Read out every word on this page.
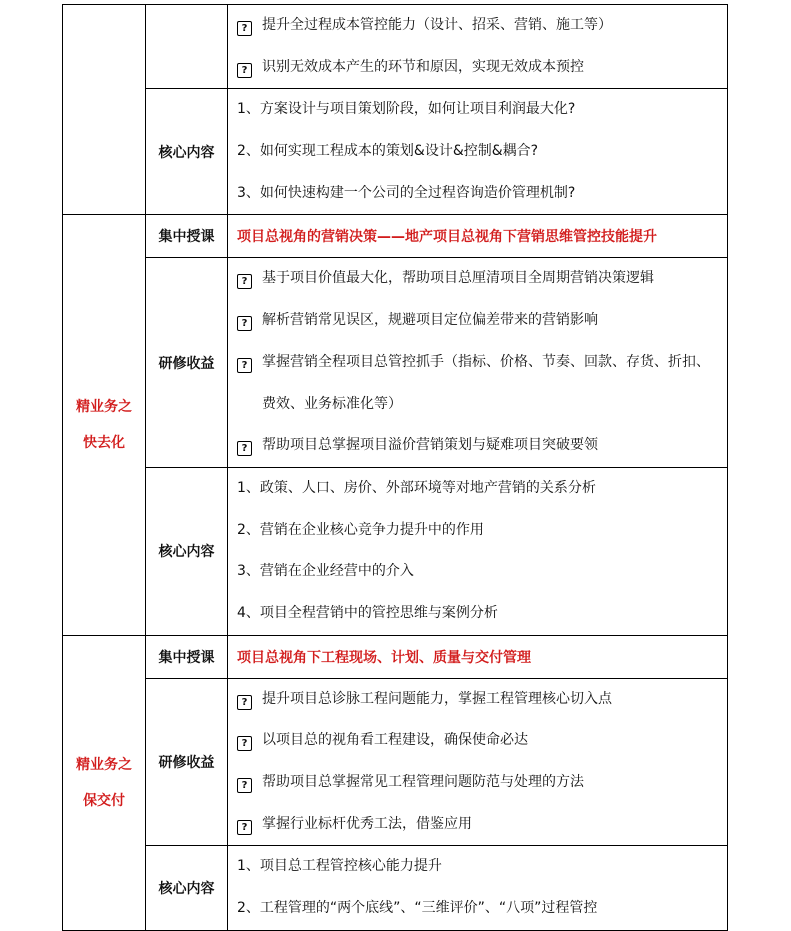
		? 提升全过程成本管控能力（设计、招采、营销、施工等）
? 识别无效成本产生的环节和原因，实现无效成本预控

	核心内容	1、方案设计与项目策划阶段，如何让项目利润最大化?
2、如何实现工程成本的策划&设计&控制&耦合?
3、如何快速构建一个公司的全过程咨询造价管理机制?

精业务之
快去化	集中授课	项目总视角的营销决策——地产项目总视角下营销思维管控技能提升
	研修收益	? 基于项目价值最大化，帮助项目总厘清项目全周期营销决策逻辑
? 解析营销常见误区，规避项目定位偏差带来的营销影响
? 掌握营销全程项目总管控抓手（指标、价格、节奏、回款、存货、折扣、
费效、业务标准化等）
? 帮助项目总掌握项目溢价营销策划与疑难项目突破要领

	核心内容	1、政策、人口、房价、外部环境等对地产营销的关系分析
2、营销在企业核心竞争力提升中的作用
3、营销在企业经营中的介入
4、项目全程营销中的管控思维与案例分析

精业务之
保交付	集中授课	项目总视角下工程现场、计划、质量与交付管理
	研修收益	? 提升项目总诊脉工程问题能力，掌握工程管理核心切入点
? 以项目总的视角看工程建设，确保使命必达
? 帮助项目总掌握常见工程管理问题防范与处理的方法
? 掌握行业标杆优秀工法，借鉴应用

	核心内容	1、项目总工程管控核心能力提升
2、工程管理的“两个底线”、“三维评价”、“八项”过程管控
